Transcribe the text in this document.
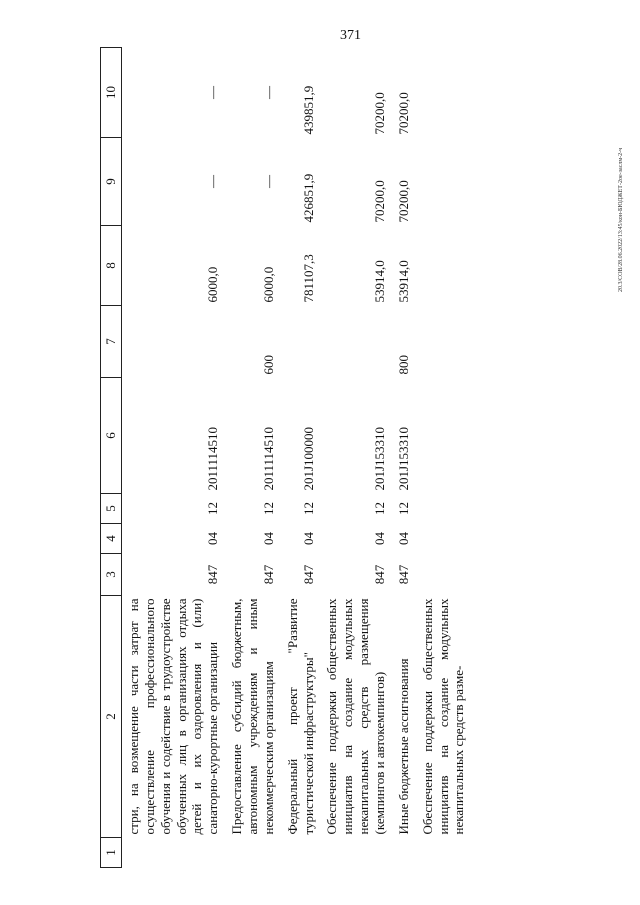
371
20.3/СОВ/28.06.2022/13:45/кон-БЮДЖЕТ-2ое-заслм-2-ч
1	2	3	4	5	6	7	8	9	10
	стри, на возмещение части затрат на осуществление профессионального обучения и содействие в трудоустройстве обученных лиц в организациях отдыха детей и их оздоровления и (или) санаторно-курортные организации	847	04	12	2011114510		6000,0	—	—
	Предоставление субсидий бюджетным, автономным учреждениям и иным некоммерческим организациям	847	04	12	2011114510	600	6000,0	—	—
	Федеральный проект "Развитие туристической инфраструктуры"	847	04	12	201J100000		781107,3	426851,9	439851,9
	Обеспечение поддержки общественных инициатив на создание модульных некапитальных средств размещения (кемпингов и автокемпингов)	847	04	12	201J153310		53914,0	70200,0	70200,0
	Иные бюджетные ассигнования	847	04	12	201J153310	800	53914,0	70200,0	70200,0
	Обеспечение поддержки общественных инициатив на создание модульных некапитальных средств разме-								
